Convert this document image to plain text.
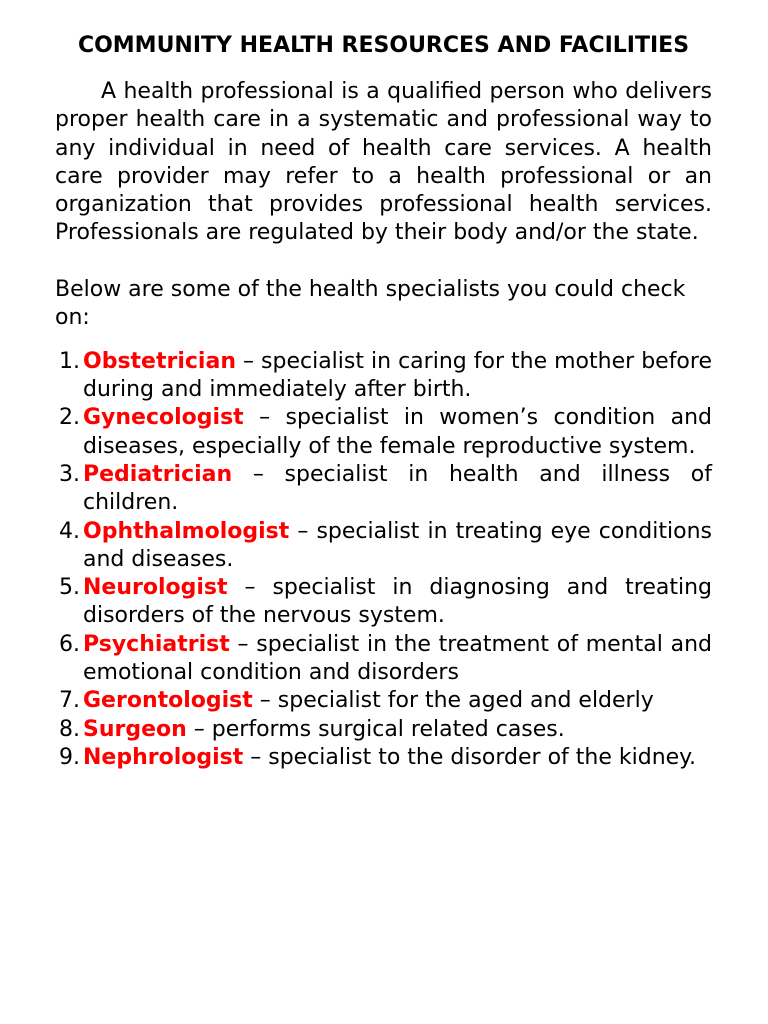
COMMUNITY HEALTH RESOURCES AND FACILITIES

A health professional is a qualified person who delivers proper health care in a systematic and professional way to any individual in need of health care services. A health care provider may refer to a health professional or an organization that provides professional health services. Professionals are regulated by their body and/or the state.

Below are some of the health specialists you could check on:

1. Obstetrician – specialist in caring for the mother before during and immediately after birth.
2. Gynecologist – specialist in women’s condition and diseases, especially of the female reproductive system.
3. Pediatrician – specialist in health and illness of children.
4. Ophthalmologist – specialist in treating eye conditions and diseases.
5. Neurologist – specialist in diagnosing and treating disorders of the nervous system.
6. Psychiatrist – specialist in the treatment of mental and emotional condition and disorders
7. Gerontologist – specialist for the aged and elderly
8. Surgeon – performs surgical related cases.
9. Nephrologist – specialist to the disorder of the kidney.
